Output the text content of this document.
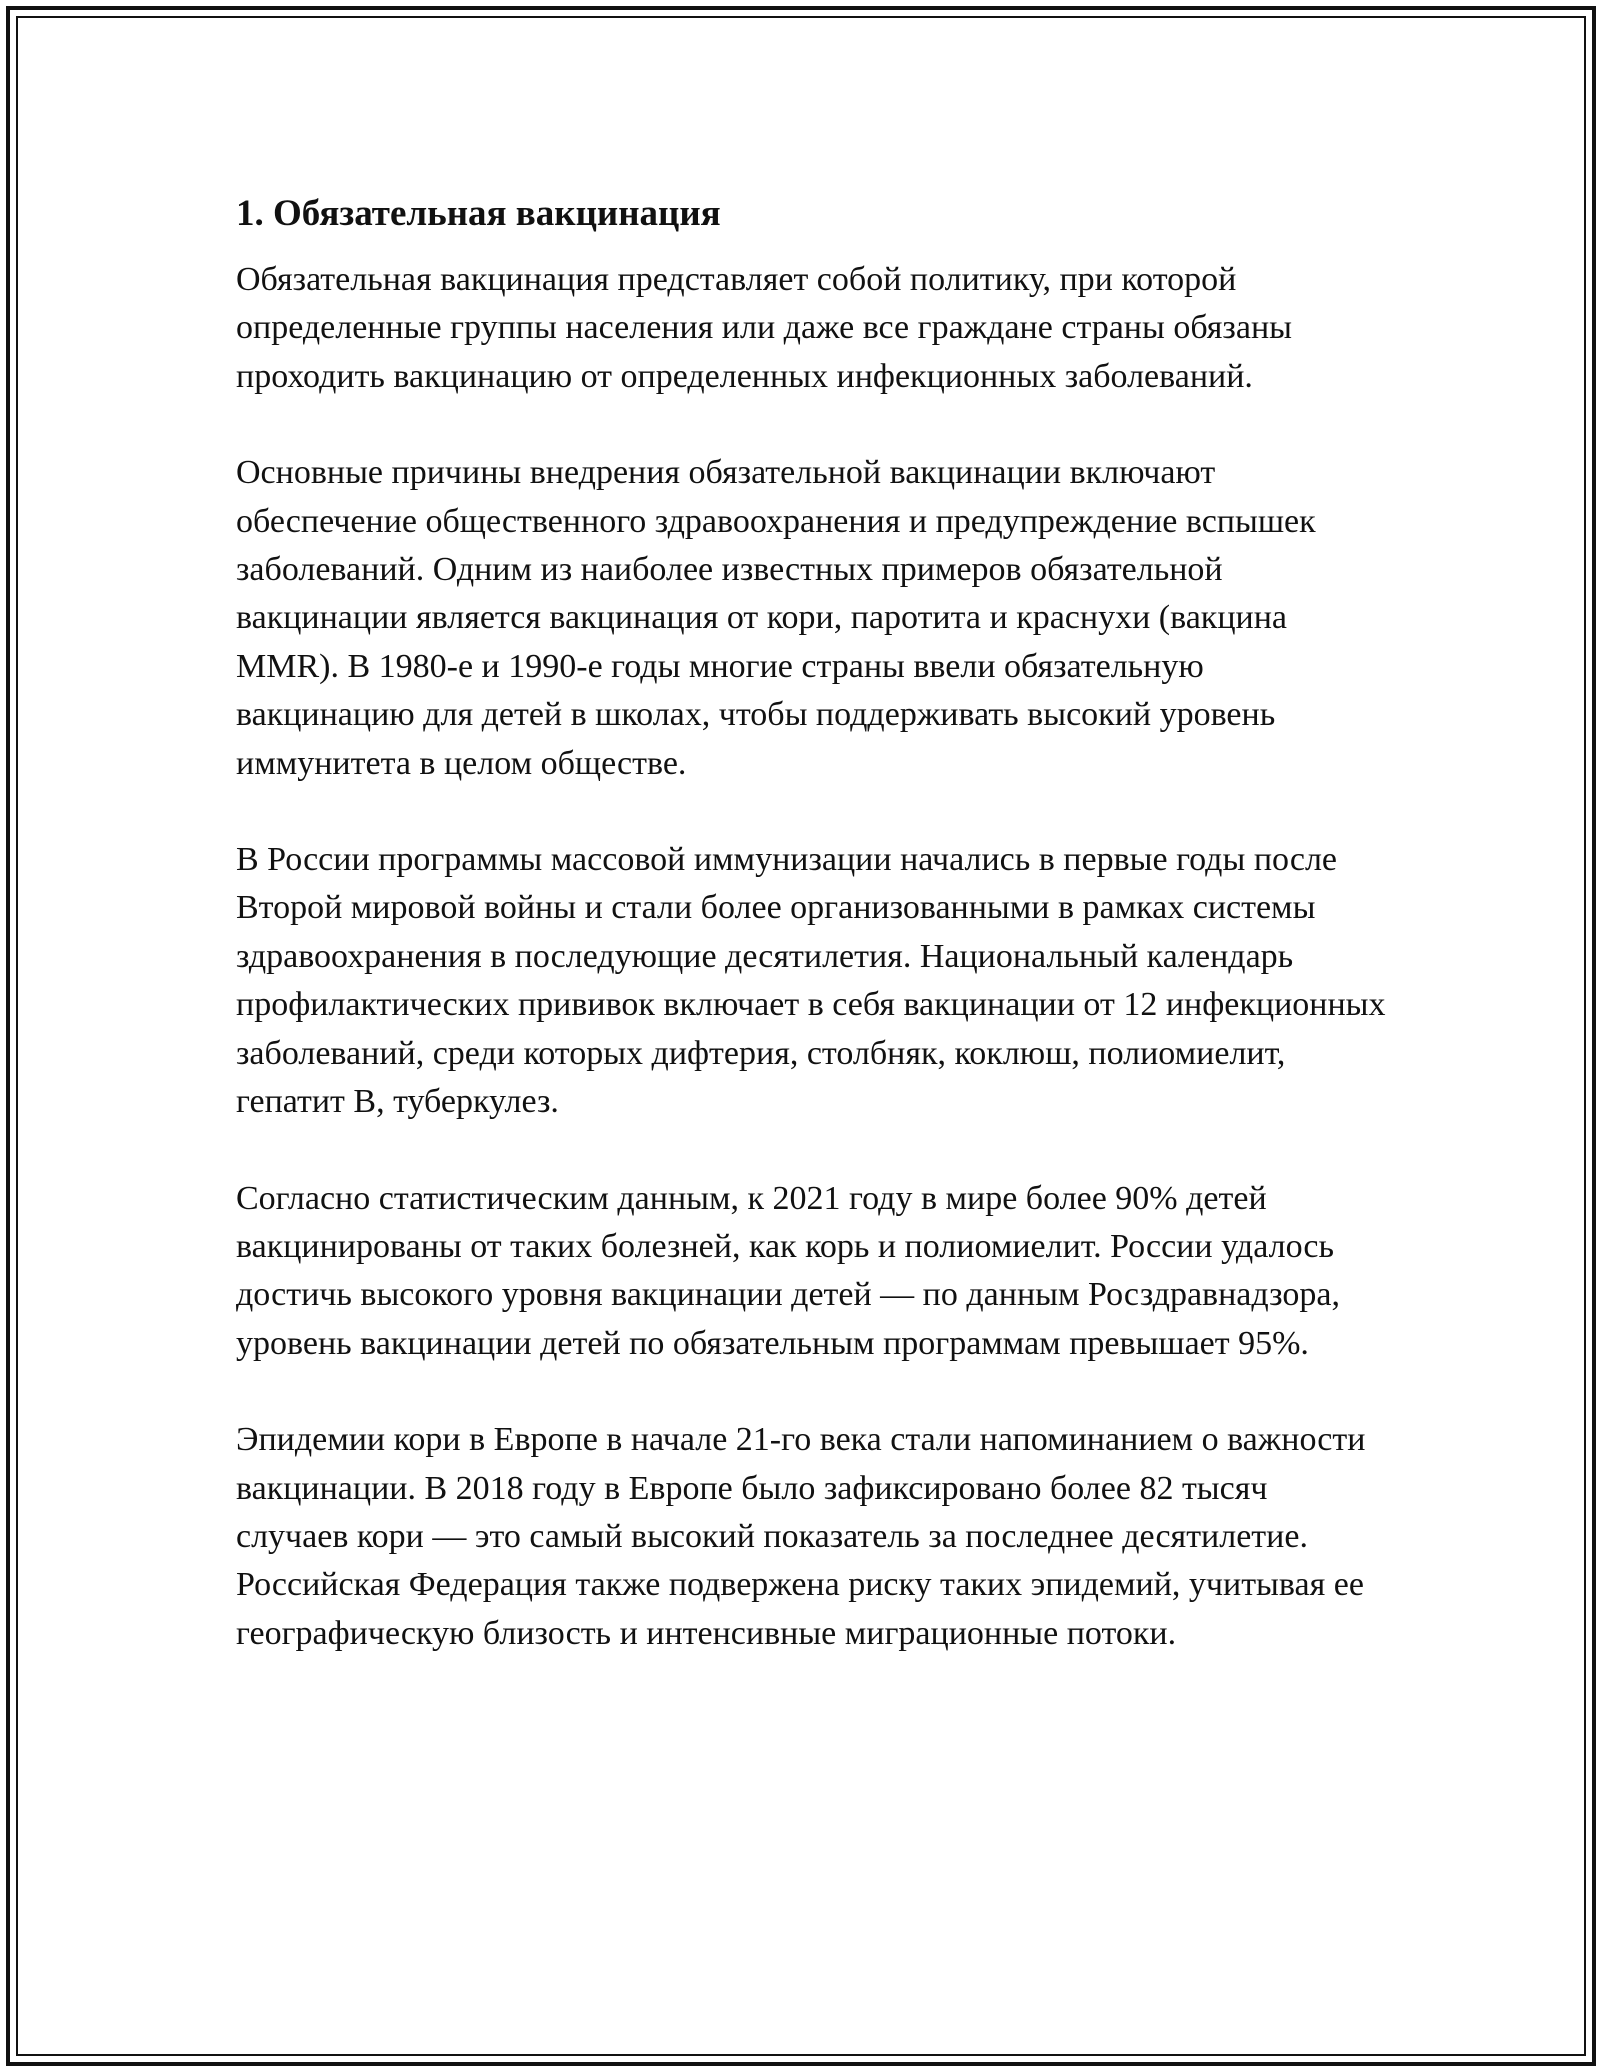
1. Обязательная вакцинация

Обязательная вакцинация представляет собой политику, при которой определенные группы населения или даже все граждане страны обязаны проходить вакцинацию от определенных инфекционных заболеваний.

Основные причины внедрения обязательной вакцинации включают обеспечение общественного здравоохранения и предупреждение вспышек заболеваний. Одним из наиболее известных примеров обязательной вакцинации является вакцинация от кори, паротита и краснухи (вакцина MMR). В 1980-е и 1990-е годы многие страны ввели обязательную вакцинацию для детей в школах, чтобы поддерживать высокий уровень иммунитета в целом обществе.

В России программы массовой иммунизации начались в первые годы после Второй мировой войны и стали более организованными в рамках системы здравоохранения в последующие десятилетия. Национальный календарь профилактических прививок включает в себя вакцинации от 12 инфекционных заболеваний, среди которых дифтерия, столбняк, коклюш, полиомиелит, гепатит B, туберкулез.

Согласно статистическим данным, к 2021 году в мире более 90% детей вакцинированы от таких болезней, как корь и полиомиелит. России удалось достичь высокого уровня вакцинации детей — по данным Росздравнадзора, уровень вакцинации детей по обязательным программам превышает 95%.

Эпидемии кори в Европе в начале 21-го века стали напоминанием о важности вакцинации. В 2018 году в Европе было зафиксировано более 82 тысяч случаев кори — это самый высокий показатель за последнее десятилетие. Российская Федерация также подвержена риску таких эпидемий, учитывая ее географическую близость и интенсивные миграционные потоки.
